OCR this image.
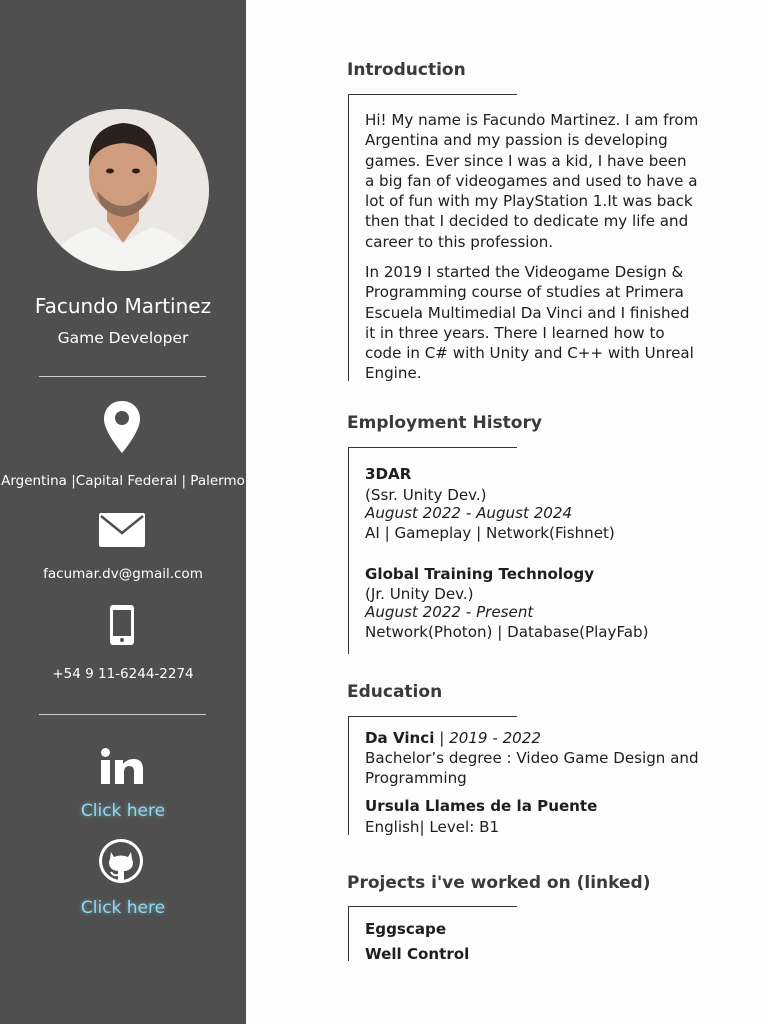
Facundo Martinez
Game Developer
Argentina |Capital Federal | Palermo
facumar.dv@gmail.com
+54 9 11-6244-2274
Click here
Click here
Introduction

Hi! My name is Facundo Martinez. I am from Argentina and my passion is developing games. Ever since I was a kid, I have been a big fan of videogames and used to have a lot of fun with my PlayStation 1.It was back then that I decided to dedicate my life and career to this profession.

In 2019 I started the Videogame Design & Programming course of studies at Primera Escuela Multimedial Da Vinci and I finished it in three years. There I learned how to code in C# with Unity and C++ with Unreal Engine.

Employment History
3DAR
(Ssr. Unity Dev.)
August 2022 - August 2024
AI | Gameplay | Network(Fishnet)
Global Training Technology
(Jr. Unity Dev.)
August 2022 - Present
Network(Photon) | Database(PlayFab)
Education
Da Vinci | 2019 - 2022
Bachelor’s degree : Video Game Design and
Programming
Ursula Llames de la Puente
English| Level: B1
Projects i've worked on (linked)
Eggscape
Well Control
